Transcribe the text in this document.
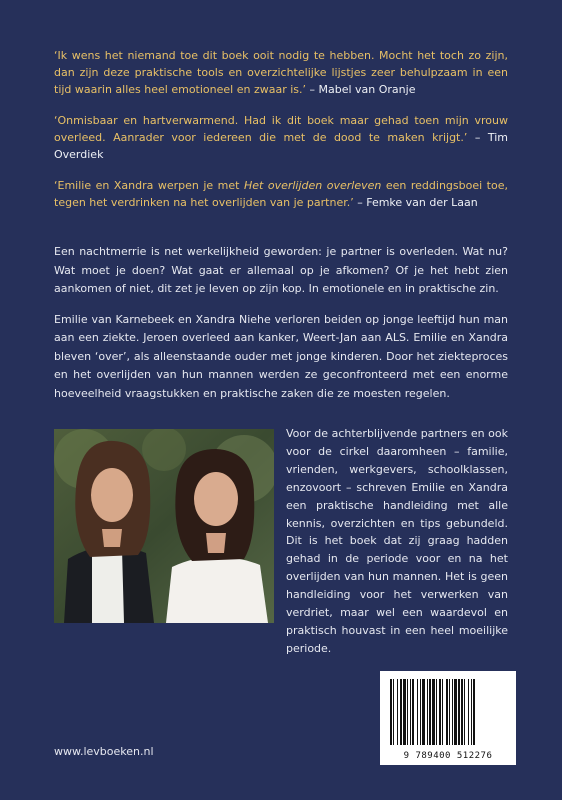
‘Ik wens het niemand toe dit boek ooit nodig te hebben. Mocht het toch zo zijn, dan zijn deze praktische tools en overzichtelijke lijstjes zeer behulpzaam in een tijd waarin alles heel emotioneel en zwaar is.’ – Mabel van Oranje

‘Onmisbaar en hartverwarmend. Had ik dit boek maar gehad toen mijn vrouw overleed. Aanrader voor iedereen die met de dood te maken krijgt.’ – Tim Overdiek

‘Emilie en Xandra werpen je met Het overlijden overleven een reddingsboei toe, tegen het verdrinken na het overlijden van je partner.’ – Femke van der Laan

Een nachtmerrie is net werkelijkheid geworden: je partner is overleden. Wat nu? Wat moet je doen? Wat gaat er allemaal op je afkomen? Of je het hebt zien aankomen of niet, dit zet je leven op zijn kop. In emotionele en in praktische zin.

Emilie van Karnebeek en Xandra Niehe verloren beiden op jonge leeftijd hun man aan een ziekte. Jeroen overleed aan kanker, Weert-Jan aan ALS. Emilie en Xandra bleven ‘over’, als alleenstaande ouder met jonge kinderen. Door het ziekteproces en het overlijden van hun mannen werden ze geconfronteerd met een enorme hoeveelheid vraagstukken en praktische zaken die ze moesten regelen.

Voor de achterblijvende partners en ook voor de cirkel daaromheen – familie, vrienden, werkgevers, schoolklassen, enzovoort – schreven Emilie en Xandra een praktische handleiding met alle kennis, overzichten en tips gebundeld. Dit is het boek dat zij graag hadden gehad in de periode voor en na het overlijden van hun mannen. Het is geen handleiding voor het verwerken van verdriet, maar wel een waardevol en praktisch houvast in een heel moeilijke periode.
9 789400 512276
www.levboeken.nl
